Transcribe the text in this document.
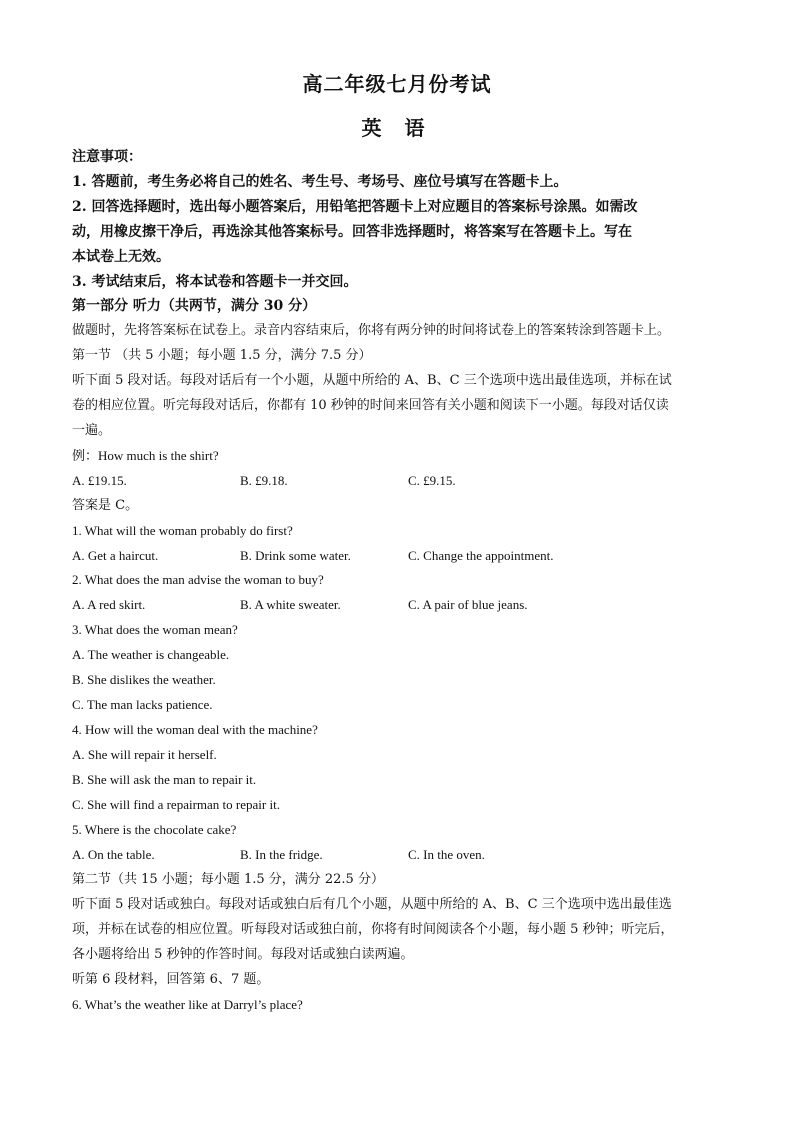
高二年级七月份考试
英 语
注意事项：
1. 答题前，考生务必将自己的姓名、考生号、考场号、座位号填写在答题卡上。
2. 回答选择题时，选出每小题答案后，用铅笔把答题卡上对应题目的答案标号涂黑。如需改
动，用橡皮擦干净后，再选涂其他答案标号。回答非选择题时，将答案写在答题卡上。写在
本试卷上无效。
3. 考试结束后，将本试卷和答题卡一并交回。
第一部分 听力（共两节，满分 30 分）
做题时，先将答案标在试卷上。录音内容结束后，你将有两分钟的时间将试卷上的答案转涂到答题卡上。
第一节 （共 5 小题；每小题 1.5 分，满分 7.5 分）
听下面 5 段对话。每段对话后有一个小题，从题中所给的 A、B、C 三个选项中选出最佳选项，并标在试
卷的相应位置。听完每段对话后，你都有 10 秒钟的时间来回答有关小题和阅读下一小题。每段对话仅读
一遍。
例：How much is the shirt?
A. £19.15.	B. £9.18.	C. £9.15.
答案是 C。
1. What will the woman probably do first?
A. Get a haircut.	B. Drink some water.	C. Change the appointment.
2. What does the man advise the woman to buy?
A. A red skirt.	B. A white sweater.	C. A pair of blue jeans.
3. What does the woman mean?
A. The weather is changeable.
B. She dislikes the weather.
C. The man lacks patience.
4. How will the woman deal with the machine?
A. She will repair it herself.
B. She will ask the man to repair it.
C. She will find a repairman to repair it.
5. Where is the chocolate cake?
A. On the table.	B. In the fridge.	C. In the oven.
第二节（共 15 小题；每小题 1.5 分，满分 22.5 分）
听下面 5 段对话或独白。每段对话或独白后有几个小题，从题中所给的 A、B、C 三个选项中选出最佳选
项，并标在试卷的相应位置。听每段对话或独白前，你将有时间阅读各个小题，每小题 5 秒钟；听完后，
各小题将给出 5 秒钟的作答时间。每段对话或独白读两遍。
听第 6 段材料，回答第 6、7 题。
6. What’s the weather like at Darryl’s place?
